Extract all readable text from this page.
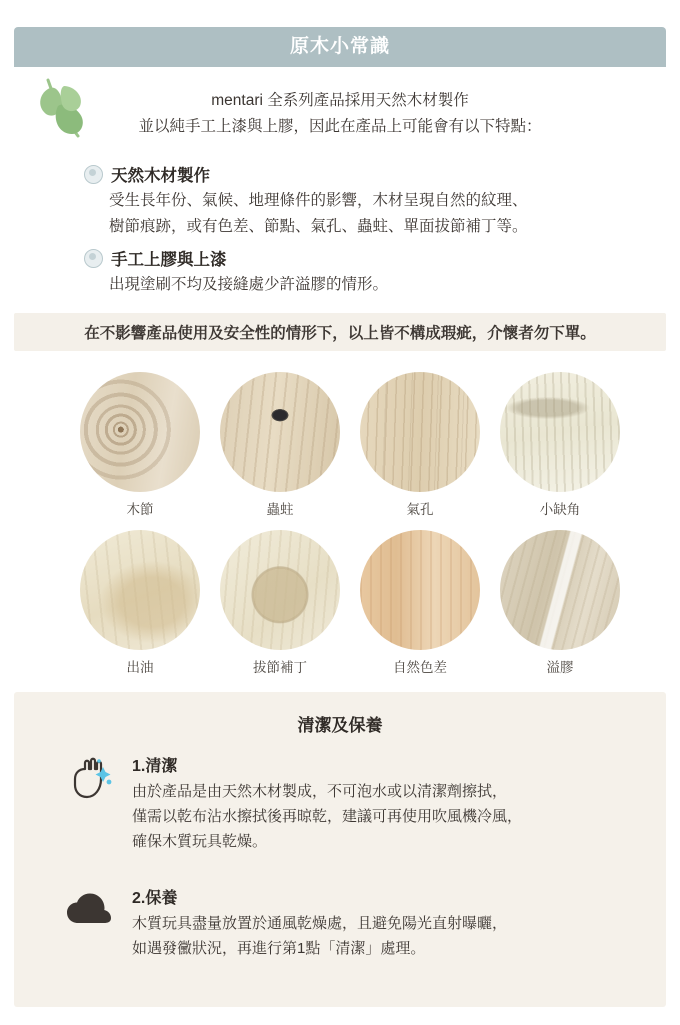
原木小常識
mentari 全系列產品採用天然木材製作
並以純手工上漆與上膠，因此在產品上可能會有以下特點：
天然木材製作
受生長年份、氣候、地理條件的影響，木材呈現自然的紋理、
樹節痕跡，或有色差、節點、氣孔、蟲蛀、單面拔節補丁等。
手工上膠與上漆
出現塗刷不均及接縫處少許溢膠的情形。
在不影響產品使用及安全性的情形下，以上皆不構成瑕疵，介懷者勿下單。
木節	蟲蛀	氣孔	小缺角
出油	拔節補丁	自然色差	溢膠
清潔及保養
1.清潔
由於產品是由天然木材製成，不可泡水或以清潔劑擦拭，
僅需以乾布沾水擦拭後再晾乾，建議可再使用吹風機冷風，
確保木質玩具乾燥。
2.保養
木質玩具盡量放置於通風乾燥處，且避免陽光直射曝曬，
如遇發黴狀況，再進行第1點「清潔」處理。
